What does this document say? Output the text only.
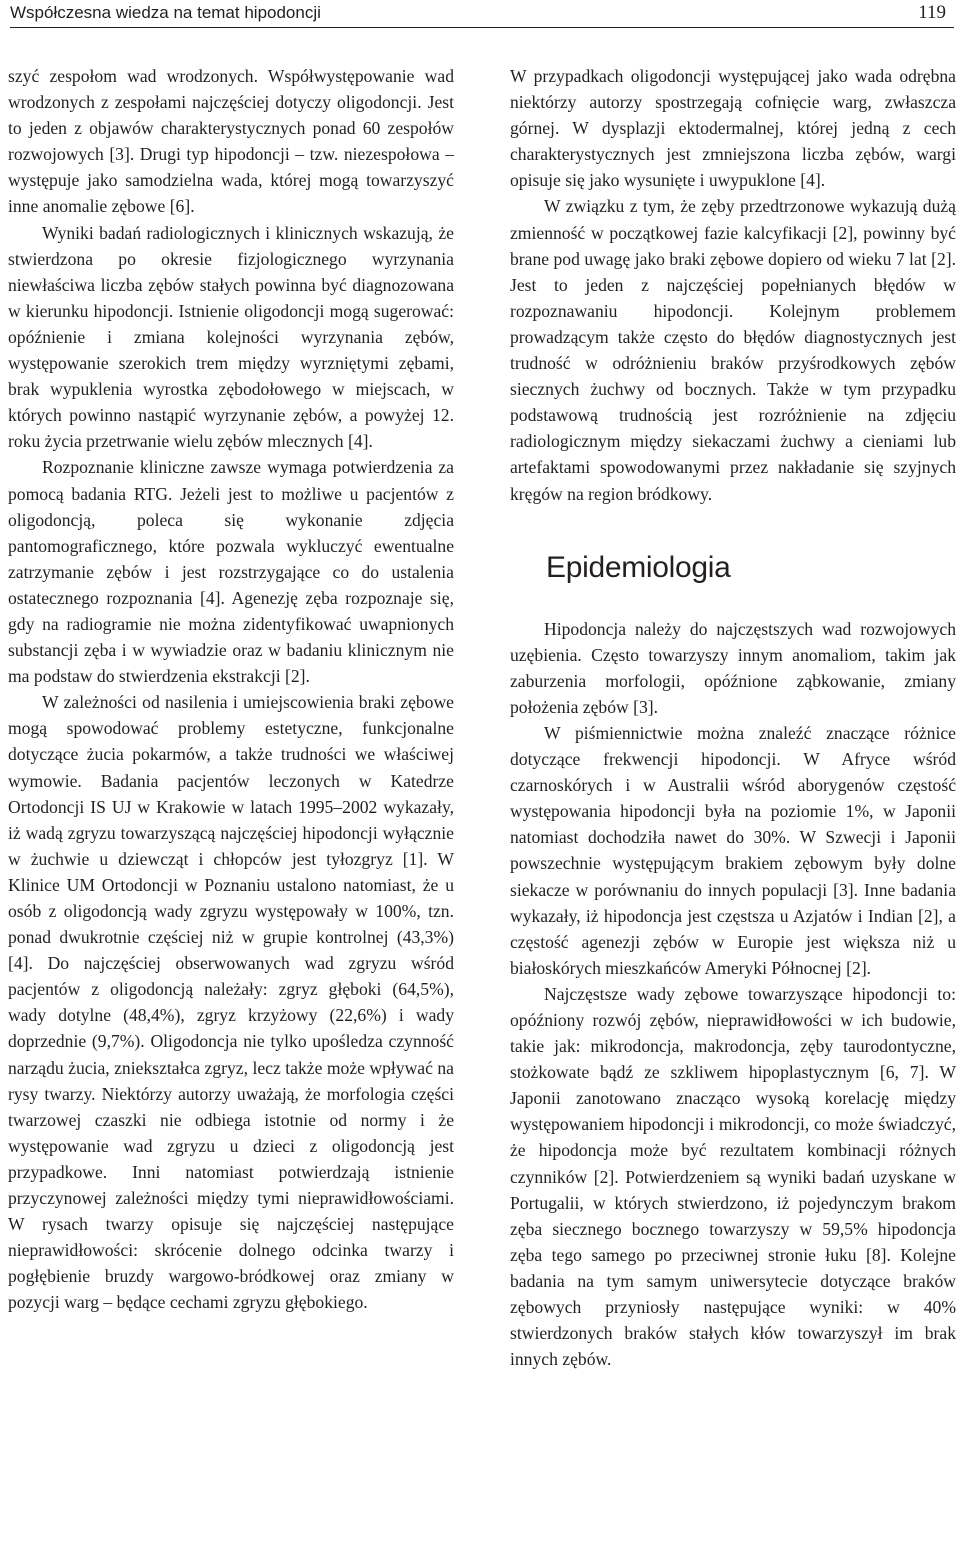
Współczesna wiedza na temat hipodoncji	119

szyć zespołom wad wrodzonych. Współwystępowanie wad wrodzonych z zespołami najczęściej dotyczy oligodoncji. Jest to jeden z objawów charakterystycznych ponad 60 zespołów rozwojowych [3]. Drugi typ hipodoncji – tzw. niezespołowa – występuje jako samodzielna wada, której mogą towarzyszyć inne anomalie zębowe [6].

Wyniki badań radiologicznych i klinicznych wskazują, że stwierdzona po okresie fizjologicznego wyrzynania niewłaściwa liczba zębów stałych powinna być diagnozowana w kierunku hipodoncji. Istnienie oligodoncji mogą sugerować: opóźnienie i zmiana kolejności wyrzynania zębów, występowanie szerokich trem między wyrzniętymi zębami, brak wypuklenia wyrostka zębodołowego w miejscach, w których powinno nastąpić wyrzynanie zębów, a powyżej 12. roku życia przetrwanie wielu zębów mlecznych [4].

Rozpoznanie kliniczne zawsze wymaga potwierdzenia za pomocą badania RTG. Jeżeli jest to możliwe u pacjentów z oligodoncją, poleca się wykonanie zdjęcia pantomograficznego, które pozwala wykluczyć ewentualne zatrzymanie zębów i jest rozstrzygające co do ustalenia ostatecznego rozpoznania [4]. Agenezję zęba rozpoznaje się, gdy na radiogramie nie można zidentyfikować uwapnionych substancji zęba i w wywiadzie oraz w badaniu klinicznym nie ma podstaw do stwierdzenia ekstrakcji [2].

W zależności od nasilenia i umiejscowienia braki zębowe mogą spowodować problemy estetyczne, funkcjonalne dotyczące żucia pokarmów, a także trudności we właściwej wymowie. Badania pacjentów leczonych w Katedrze Ortodoncji IS UJ w Krakowie w latach 1995–2002 wykazały, iż wadą zgryzu towarzyszącą najczęściej hipodoncji wyłącznie w żuchwie u dziewcząt i chłopców jest tyłozgryz [1]. W Klinice UM Ortodoncji w Poznaniu ustalono natomiast, że u osób z oligodoncją wady zgryzu występowały w 100%, tzn. ponad dwukrotnie częściej niż w grupie kontrolnej (43,3%) [4]. Do najczęściej obserwowanych wad zgryzu wśród pacjentów z oligodoncją należały: zgryz głęboki (64,5%), wady dotylne (48,4%), zgryz krzyżowy (22,6%) i wady doprzednie (9,7%). Oligodoncja nie tylko upośledza czynność narządu żucia, zniekształca zgryz, lecz także może wpływać na rysy twarzy. Niektórzy autorzy uważają, że morfologia części twarzowej czaszki nie odbiega istotnie od normy i że występowanie wad zgryzu u dzieci z oligodoncją jest przypadkowe. Inni natomiast potwierdzają istnienie przyczynowej zależności między tymi nieprawidłowościami. W rysach twarzy opisuje się najczęściej następujące nieprawidłowości: skrócenie dolnego odcinka twarzy i pogłębienie bruzdy wargowo-bródkowej oraz zmiany w pozycji warg – będące cechami zgryzu głębokiego.

W przypadkach oligodoncji występującej jako wada odrębna niektórzy autorzy spostrzegają cofnięcie warg, zwłaszcza górnej. W dysplazji ektodermalnej, której jedną z cech charakterystycznych jest zmniejszona liczba zębów, wargi opisuje się jako wysunięte i uwypuklone [4].

W związku z tym, że zęby przedtrzonowe wykazują dużą zmienność w początkowej fazie kalcyfikacji [2], powinny być brane pod uwagę jako braki zębowe dopiero od wieku 7 lat [2]. Jest to jeden z najczęściej popełnianych błędów w rozpoznawaniu hipodoncji. Kolejnym problemem prowadzącym także często do błędów diagnostycznych jest trudność w odróżnieniu braków przyśrodkowych zębów siecznych żuchwy od bocznych. Także w tym przypadku podstawową trudnością jest rozróżnienie na zdjęciu radiologicznym między siekaczami żuchwy a cieniami lub artefaktami spowodowanymi przez nakładanie się szyjnych kręgów na region bródkowy.

Epidemiologia

Hipodoncja należy do najczęstszych wad rozwojowych uzębienia. Często towarzyszy innym anomaliom, takim jak zaburzenia morfologii, opóźnione ząbkowanie, zmiany położenia zębów [3].

W piśmiennictwie można znaleźć znaczące różnice dotyczące frekwencji hipodoncji. W Afryce wśród czarnoskórych i w Australii wśród aborygenów częstość występowania hipodoncji była na poziomie 1%, w Japonii natomiast dochodziła nawet do 30%. W Szwecji i Japonii powszechnie występującym brakiem zębowym były dolne siekacze w porównaniu do innych populacji [3]. Inne badania wykazały, iż hipodoncja jest częstsza u Azjatów i Indian [2], a częstość agenezji zębów w Europie jest większa niż u białoskórych mieszkańców Ameryki Północnej [2].

Najczęstsze wady zębowe towarzyszące hipodoncji to: opóźniony rozwój zębów, nieprawidłowości w ich budowie, takie jak: mikrodoncja, makrodoncja, zęby taurodontyczne, stożkowate bądź ze szkliwem hipoplastycznym [6, 7]. W Japonii zanotowano znacząco wysoką korelację między występowaniem hipodoncji i mikrodoncji, co może świadczyć, że hipodoncja może być rezultatem kombinacji różnych czynników [2]. Potwierdzeniem są wyniki badań uzyskane w Portugalii, w których stwierdzono, iż pojedynczym brakom zęba siecznego bocznego towarzyszy w 59,5% hipodoncja zęba tego samego po przeciwnej stronie łuku [8]. Kolejne badania na tym samym uniwersytecie dotyczące braków zębowych przyniosły następujące wyniki: w 40% stwierdzonych braków stałych kłów towarzyszył im brak innych zębów.
